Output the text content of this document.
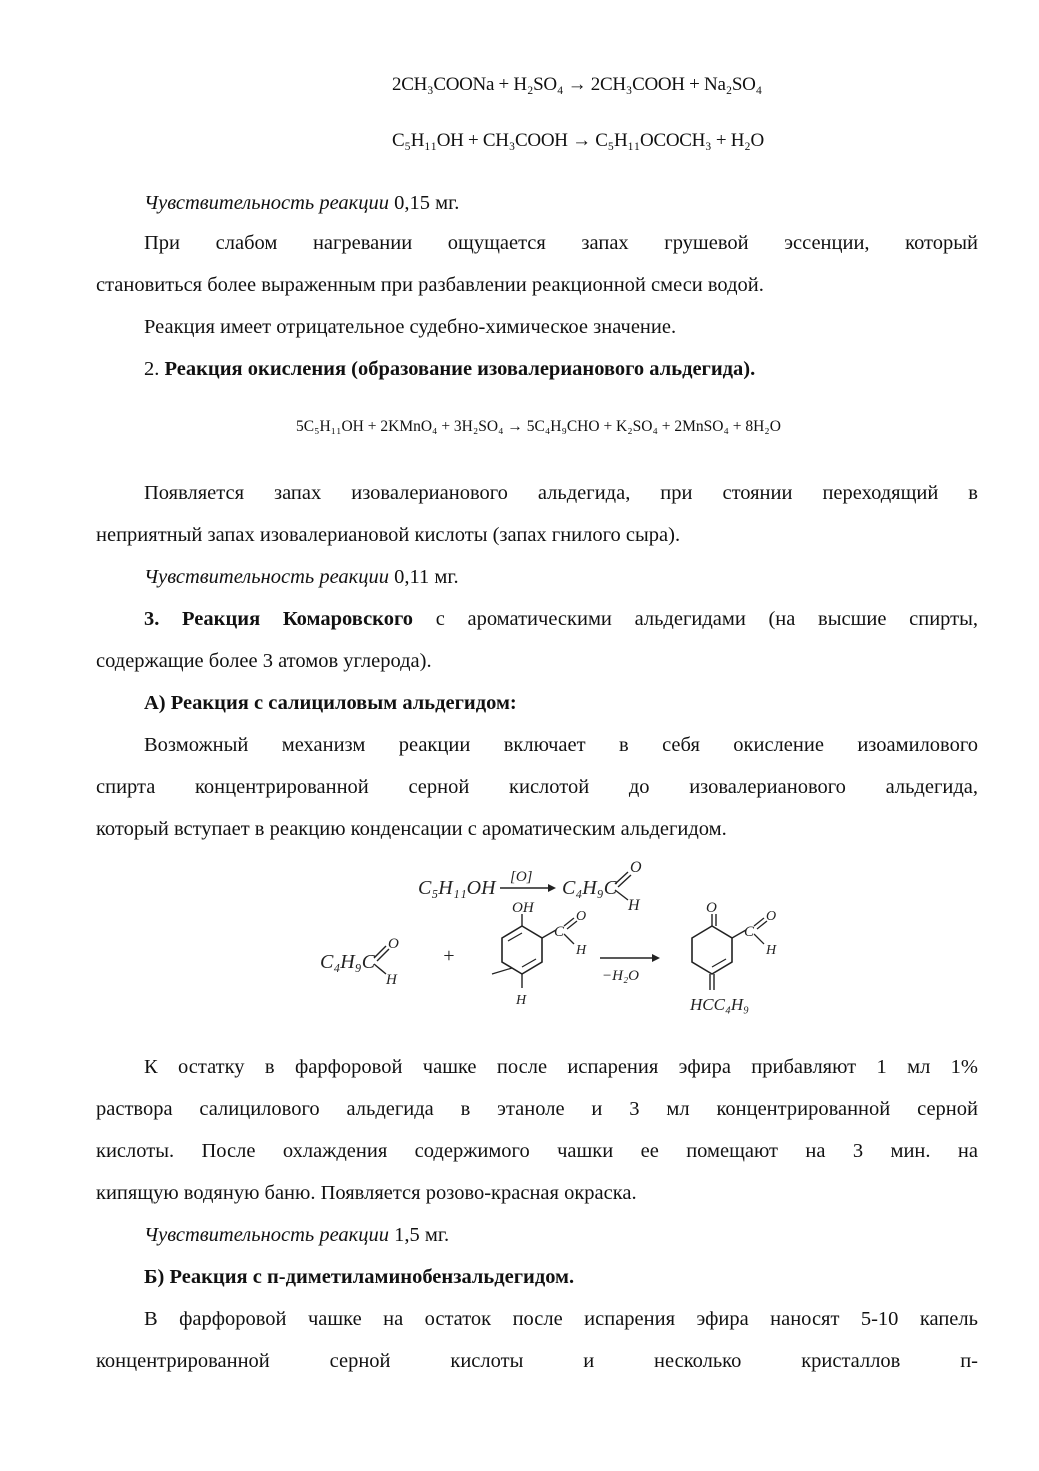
2CH₃COONa + H₂SO₄ → 2CH₃COOH + Na₂SO₄
C₅H₁₁OH + CH₃COOH → C₅H₁₁OCOCH₃ + H₂O

Чувствительность реакции 0,15 мг.

При слабом нагревании ощущается запах грушевой эссенции, который

становиться более выраженным при разбавлении реакционной смеси водой.

Реакция имеет отрицательное судебно-химическое значение.

2. Реакция окисления (образование изовалерианового альдегида).

5C₅H₁₁OH + 2KMnO₄ + 3H₂SO₄ → 5C₄H₉CHO + K₂SO₄ + 2MnSO₄ + 8H₂O

Появляется запах изовалерианового альдегида, при стоянии переходящий в

неприятный запах изовалериановой кислоты (запах гнилого сыра).

Чувствительность реакции 0,11 мг.

3. Реакция Комаровского с ароматическими альдегидами (на высшие спирты,

содержащие более 3 атомов углерода).

А) Реакция с салициловым альдегидом:

Возможный механизм реакции включает в себя окисление изоамилового

спирта концентрированной серной кислотой до изовалерианового альдегида,

который вступает в реакцию конденсации с ароматическим альдегидом.

C₅H₁₁OH [O] C₄H₉C
O
H
C₄H₉C
O
H
+
OH
C
O
H
H
−H₂O
O
C
O
H
HCC₄H₉

К остатку в фарфоровой чашке после испарения эфира прибавляют 1 мл 1%

раствора салицилового альдегида в этаноле и 3 мл концентрированной серной

кислоты. После охлаждения содержимого чашки ее помещают на 3 мин. на

кипящую водяную баню. Появляется розово-красная окраска.

Чувствительность реакции 1,5 мг.

Б) Реакция с п-диметиламинобензальдегидом.

В фарфоровой чашке на остаток после испарения эфира наносят 5-10 капель

концентрированной серной кислоты и несколько кристаллов п-
